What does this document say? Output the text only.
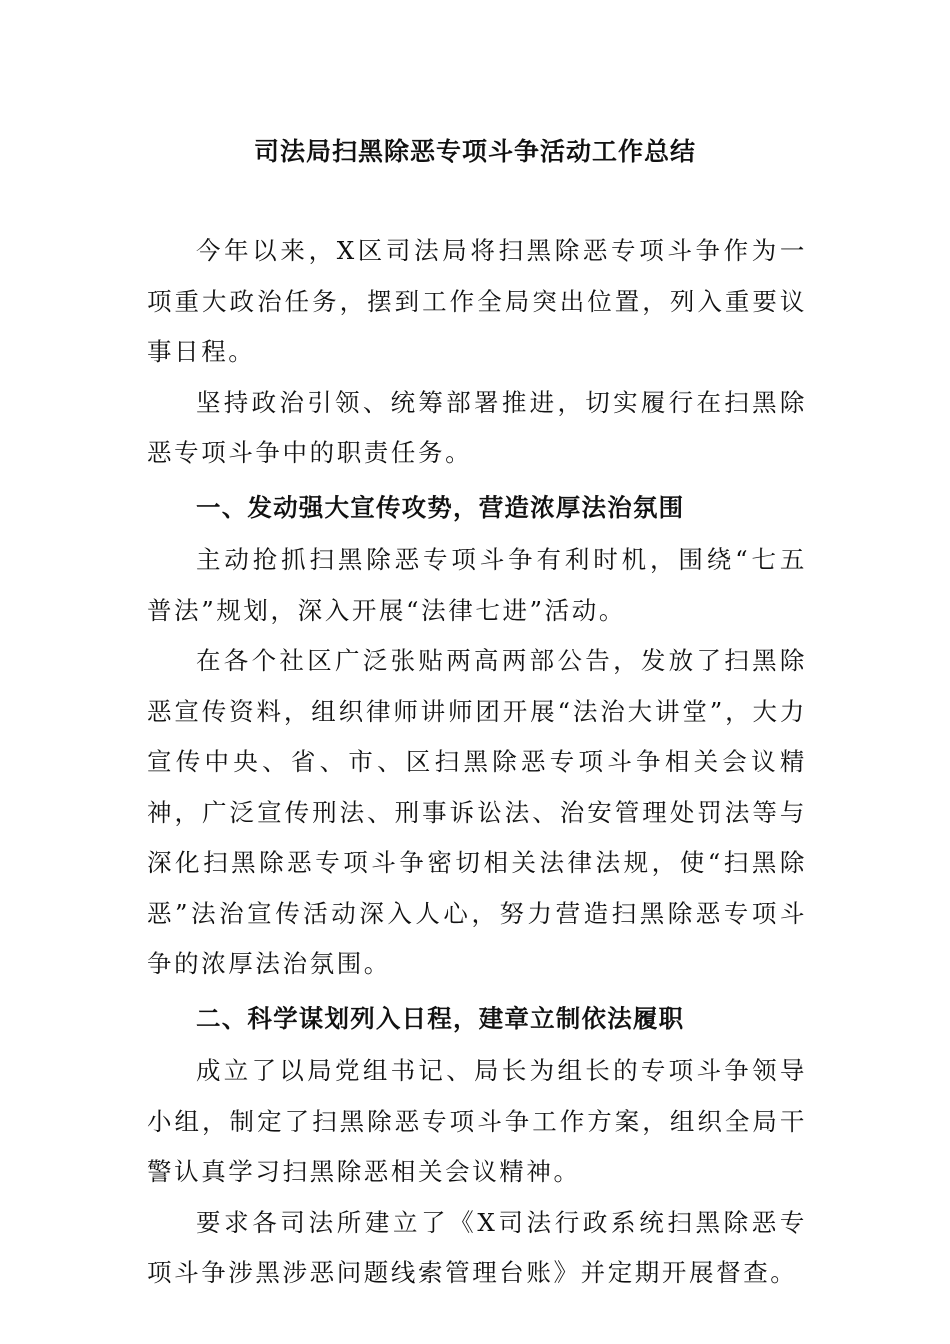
司法局扫黑除恶专项斗争活动工作总结

今年以来，X区司法局将扫黑除恶专项斗争作为一项重大政治任务，摆到工作全局突出位置，列入重要议事日程。

坚持政治引领、统筹部署推进，切实履行在扫黑除恶专项斗争中的职责任务。

一、发动强大宣传攻势，营造浓厚法治氛围

主动抢抓扫黑除恶专项斗争有利时机，围绕“七五普法”规划，深入开展“法律七进”活动。

在各个社区广泛张贴两高两部公告，发放了扫黑除恶宣传资料，组织律师讲师团开展“法治大讲堂”，大力宣传中央、省、市、区扫黑除恶专项斗争相关会议精神，广泛宣传刑法、刑事诉讼法、治安管理处罚法等与深化扫黑除恶专项斗争密切相关法律法规，使“扫黑除恶”法治宣传活动深入人心，努力营造扫黑除恶专项斗争的浓厚法治氛围。

二、科学谋划列入日程，建章立制依法履职

成立了以局党组书记、局长为组长的专项斗争领导小组，制定了扫黑除恶专项斗争工作方案，组织全局干警认真学习扫黑除恶相关会议精神。

要求各司法所建立了《X司法行政系统扫黑除恶专项斗争涉黑涉恶问题线索管理台账》并定期开展督查。
